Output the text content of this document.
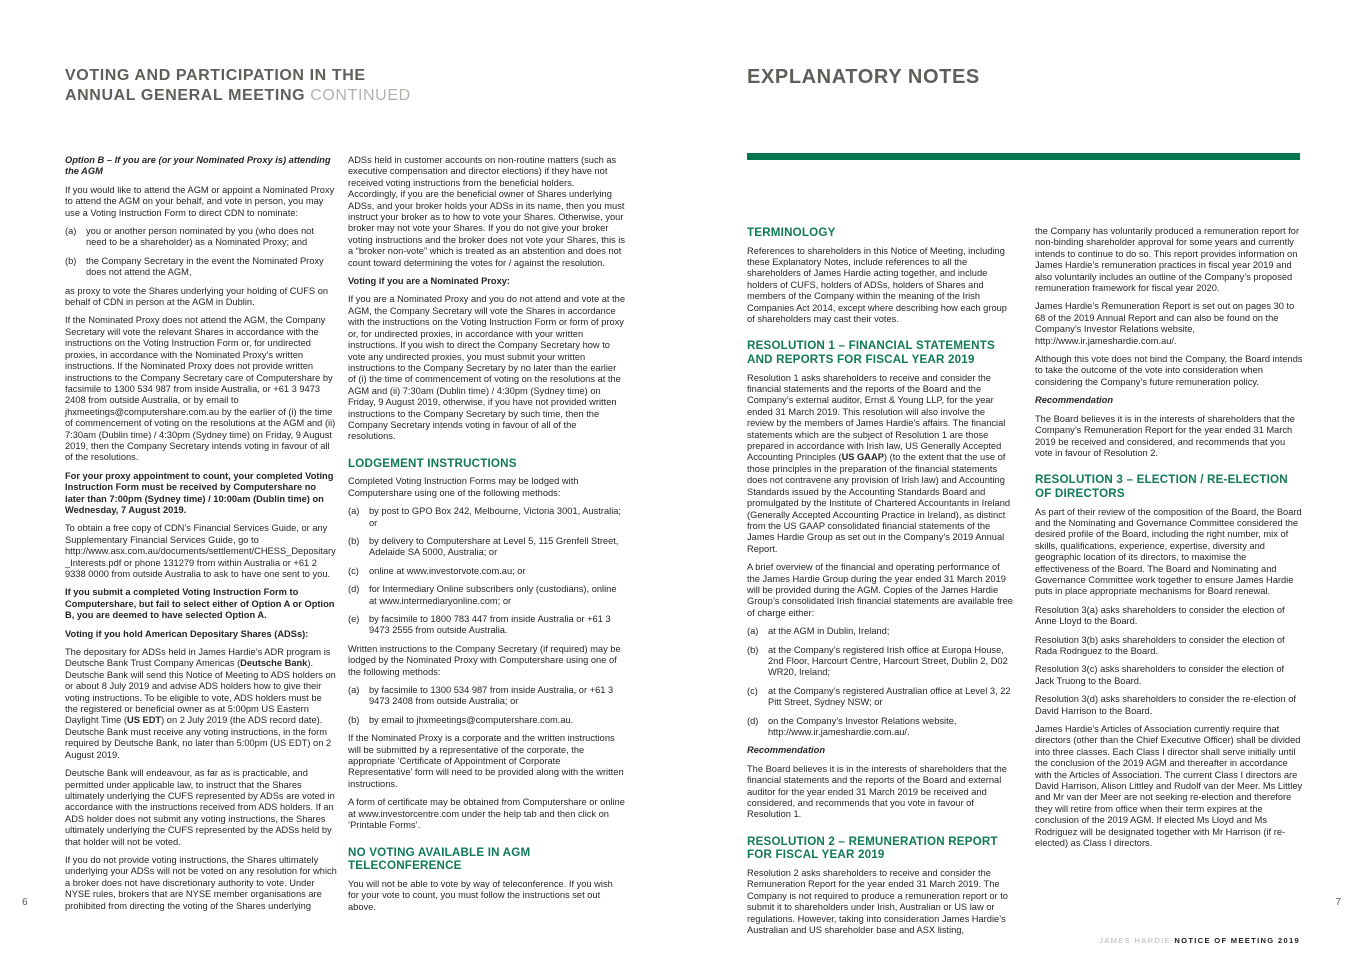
VOTING AND PARTICIPATION IN THE
ANNUAL GENERAL MEETING CONTINUED
EXPLANATORY NOTES
Option B – If you are (or your Nominated Proxy is) attending the AGM
If you would like to attend the AGM or appoint a Nominated Proxy to attend the AGM on your behalf, and vote in person, you may use a Voting Instruction Form to direct CDN to nominate:
(a)	you or another person nominated by you (who does not need to be a shareholder) as a Nominated Proxy; and
(b)	the Company Secretary in the event the Nominated Proxy does not attend the AGM,
as proxy to vote the Shares underlying your holding of CUFS on behalf of CDN in person at the AGM in Dublin.
If the Nominated Proxy does not attend the AGM, the Company Secretary will vote the relevant Shares in accordance with the instructions on the Voting Instruction Form or, for undirected proxies, in accordance with the Nominated Proxy’s written instructions. If the Nominated Proxy does not provide written instructions to the Company Secretary care of Computershare by facsimile to 1300 534 987 from inside Australia, or +61 3 9473 2408 from outside Australia, or by email to jhxmeetings@computershare.com.au by the earlier of (i) the time of commencement of voting on the resolutions at the AGM and (ii) 7:30am (Dublin time) / 4:30pm (Sydney time) on Friday, 9 August 2019, then the Company Secretary intends voting in favour of all of the resolutions.
For your proxy appointment to count, your completed Voting Instruction Form must be received by Computershare no later than 7:00pm (Sydney time) / 10:00am (Dublin time) on Wednesday, 7 August 2019.
To obtain a free copy of CDN’s Financial Services Guide, or any Supplementary Financial Services Guide, go to http://www.asx.com.au/documents/settlement/CHESS_Depositary_Interests.pdf or phone 131279 from within Australia or +61 2 9338 0000 from outside Australia to ask to have one sent to you.
If you submit a completed Voting Instruction Form to Computershare, but fail to select either of Option A or Option B, you are deemed to have selected Option A.
Voting if you hold American Depositary Shares (ADSs):
The depositary for ADSs held in James Hardie’s ADR program is Deutsche Bank Trust Company Americas (Deutsche Bank). Deutsche Bank will send this Notice of Meeting to ADS holders on or about 8 July 2019 and advise ADS holders how to give their voting instructions. To be eligible to vote, ADS holders must be the registered or beneficial owner as at 5:00pm US Eastern Daylight Time (US EDT) on 2 July 2019 (the ADS record date). Deutsche Bank must receive any voting instructions, in the form required by Deutsche Bank, no later than 5:00pm (US EDT) on 2 August 2019.
Deutsche Bank will endeavour, as far as is practicable, and permitted under applicable law, to instruct that the Shares ultimately underlying the CUFS represented by ADSs are voted in accordance with the instructions received from ADS holders. If an ADS holder does not submit any voting instructions, the Shares ultimately underlying the CUFS represented by the ADSs held by that holder will not be voted.
If you do not provide voting instructions, the Shares ultimately underlying your ADSs will not be voted on any resolution for which a broker does not have discretionary authority to vote. Under NYSE rules, brokers that are NYSE member organisations are prohibited from directing the voting of the Shares underlying
ADSs held in customer accounts on non-routine matters (such as executive compensation and director elections) if they have not received voting instructions from the beneficial holders. Accordingly, if you are the beneficial owner of Shares underlying ADSs, and your broker holds your ADSs in its name, then you must instruct your broker as to how to vote your Shares. Otherwise, your broker may not vote your Shares. If you do not give your broker voting instructions and the broker does not vote your Shares, this is a “broker non-vote” which is treated as an abstention and does not count toward determining the votes for / against the resolution.
Voting if you are a Nominated Proxy:
If you are a Nominated Proxy and you do not attend and vote at the AGM, the Company Secretary will vote the Shares in accordance with the instructions on the Voting Instruction Form or form of proxy or, for undirected proxies, in accordance with your written instructions. If you wish to direct the Company Secretary how to vote any undirected proxies, you must submit your written instructions to the Company Secretary by no later than the earlier of (i) the time of commencement of voting on the resolutions at the AGM and (ii) 7:30am (Dublin time) / 4:30pm (Sydney time) on Friday, 9 August 2019, otherwise, if you have not provided written instructions to the Company Secretary by such time, then the Company Secretary intends voting in favour of all of the resolutions.
LODGEMENT INSTRUCTIONS
Completed Voting Instruction Forms may be lodged with Computershare using one of the following methods:
(a)	by post to GPO Box 242, Melbourne, Victoria 3001, Australia; or
(b)	by delivery to Computershare at Level 5, 115 Grenfell Street, Adelaide SA 5000, Australia; or
(c)	online at www.investorvote.com.au; or
(d)	for Intermediary Online subscribers only (custodians), online at www.intermediaryonline.com; or
(e)	by facsimile to 1800 783 447 from inside Australia or +61 3 9473 2555 from outside Australia.
Written instructions to the Company Secretary (if required) may be lodged by the Nominated Proxy with Computershare using one of the following methods:
(a)	by facsimile to 1300 534 987 from inside Australia, or +61 3 9473 2408 from outside Australia; or
(b)	by email to jhxmeetings@computershare.com.au.
If the Nominated Proxy is a corporate and the written instructions will be submitted by a representative of the corporate, the appropriate ‘Certificate of Appointment of Corporate Representative’ form will need to be provided along with the written instructions.
A form of certificate may be obtained from Computershare or online at www.investorcentre.com under the help tab and then click on ‘Printable Forms’.
NO VOTING AVAILABLE IN AGM TELECONFERENCE
You will not be able to vote by way of teleconference. If you wish for your vote to count, you must follow the instructions set out above.
TERMINOLOGY
References to shareholders in this Notice of Meeting, including these Explanatory Notes, include references to all the shareholders of James Hardie acting together, and include holders of CUFS, holders of ADSs, holders of Shares and members of the Company within the meaning of the Irish Companies Act 2014, except where describing how each group of shareholders may cast their votes.
RESOLUTION 1 – FINANCIAL STATEMENTS AND REPORTS FOR FISCAL YEAR 2019
Resolution 1 asks shareholders to receive and consider the financial statements and the reports of the Board and the Company’s external auditor, Ernst & Young LLP, for the year ended 31 March 2019. This resolution will also involve the review by the members of James Hardie’s affairs. The financial statements which are the subject of Resolution 1 are those prepared in accordance with Irish law, US Generally Accepted Accounting Principles (US GAAP) (to the extent that the use of those principles in the preparation of the financial statements does not contravene any provision of Irish law) and Accounting Standards issued by the Accounting Standards Board and promulgated by the Institute of Chartered Accountants in Ireland (Generally Accepted Accounting Practice in Ireland), as distinct from the US GAAP consolidated financial statements of the James Hardie Group as set out in the Company’s 2019 Annual Report.
A brief overview of the financial and operating performance of the James Hardie Group during the year ended 31 March 2019 will be provided during the AGM. Copies of the James Hardie Group’s consolidated Irish financial statements are available free of charge either:
(a)	at the AGM in Dublin, Ireland;
(b)	at the Company’s registered Irish office at Europa House, 2nd Floor, Harcourt Centre, Harcourt Street, Dublin 2, D02 WR20, Ireland;
(c)	at the Company’s registered Australian office at Level 3, 22 Pitt Street, Sydney NSW; or
(d)	on the Company’s Investor Relations website, http://www.ir.jameshardie.com.au/.
Recommendation
The Board believes it is in the interests of shareholders that the financial statements and the reports of the Board and external auditor for the year ended 31 March 2019 be received and considered, and recommends that you vote in favour of Resolution 1.
RESOLUTION 2 – REMUNERATION REPORT FOR FISCAL YEAR 2019
Resolution 2 asks shareholders to receive and consider the Remuneration Report for the year ended 31 March 2019. The Company is not required to produce a remuneration report or to submit it to shareholders under Irish, Australian or US law or regulations. However, taking into consideration James Hardie’s Australian and US shareholder base and ASX listing,
the Company has voluntarily produced a remuneration report for non-binding shareholder approval for some years and currently intends to continue to do so. This report provides information on James Hardie’s remuneration practices in fiscal year 2019 and also voluntarily includes an outline of the Company’s proposed remuneration framework for fiscal year 2020.
James Hardie’s Remuneration Report is set out on pages 30 to 68 of the 2019 Annual Report and can also be found on the Company’s Investor Relations website, http://www.ir.jameshardie.com.au/.
Although this vote does not bind the Company, the Board intends to take the outcome of the vote into consideration when considering the Company’s future remuneration policy.
Recommendation
The Board believes it is in the interests of shareholders that the Company’s Remuneration Report for the year ended 31 March 2019 be received and considered, and recommends that you vote in favour of Resolution 2.
RESOLUTION 3 – ELECTION / RE-ELECTION OF DIRECTORS
As part of their review of the composition of the Board, the Board and the Nominating and Governance Committee considered the desired profile of the Board, including the right number, mix of skills, qualifications, experience, expertise, diversity and geographic location of its directors, to maximise the effectiveness of the Board. The Board and Nominating and Governance Committee work together to ensure James Hardie puts in place appropriate mechanisms for Board renewal.
Resolution 3(a) asks shareholders to consider the election of Anne Lloyd to the Board.
Resolution 3(b) asks shareholders to consider the election of Rada Rodriguez to the Board.
Resolution 3(c) asks shareholders to consider the election of Jack Truong to the Board.
Resolution 3(d) asks shareholders to consider the re-election of David Harrison to the Board.
James Hardie’s Articles of Association currently require that directors (other than the Chief Executive Officer) shall be divided into three classes. Each Class I director shall serve initially until the conclusion of the 2019 AGM and thereafter in accordance with the Articles of Association. The current Class I directors are David Harrison, Alison Littley and Rudolf van der Meer. Ms Littley and Mr van der Meer are not seeking re-election and therefore they will retire from office when their term expires at the conclusion of the 2019 AGM. If elected Ms Lloyd and Ms Rodriguez will be designated together with Mr Harrison (if re-elected) as Class I directors.
6	7
JAMES HARDIE NOTICE OF MEETING 2019
